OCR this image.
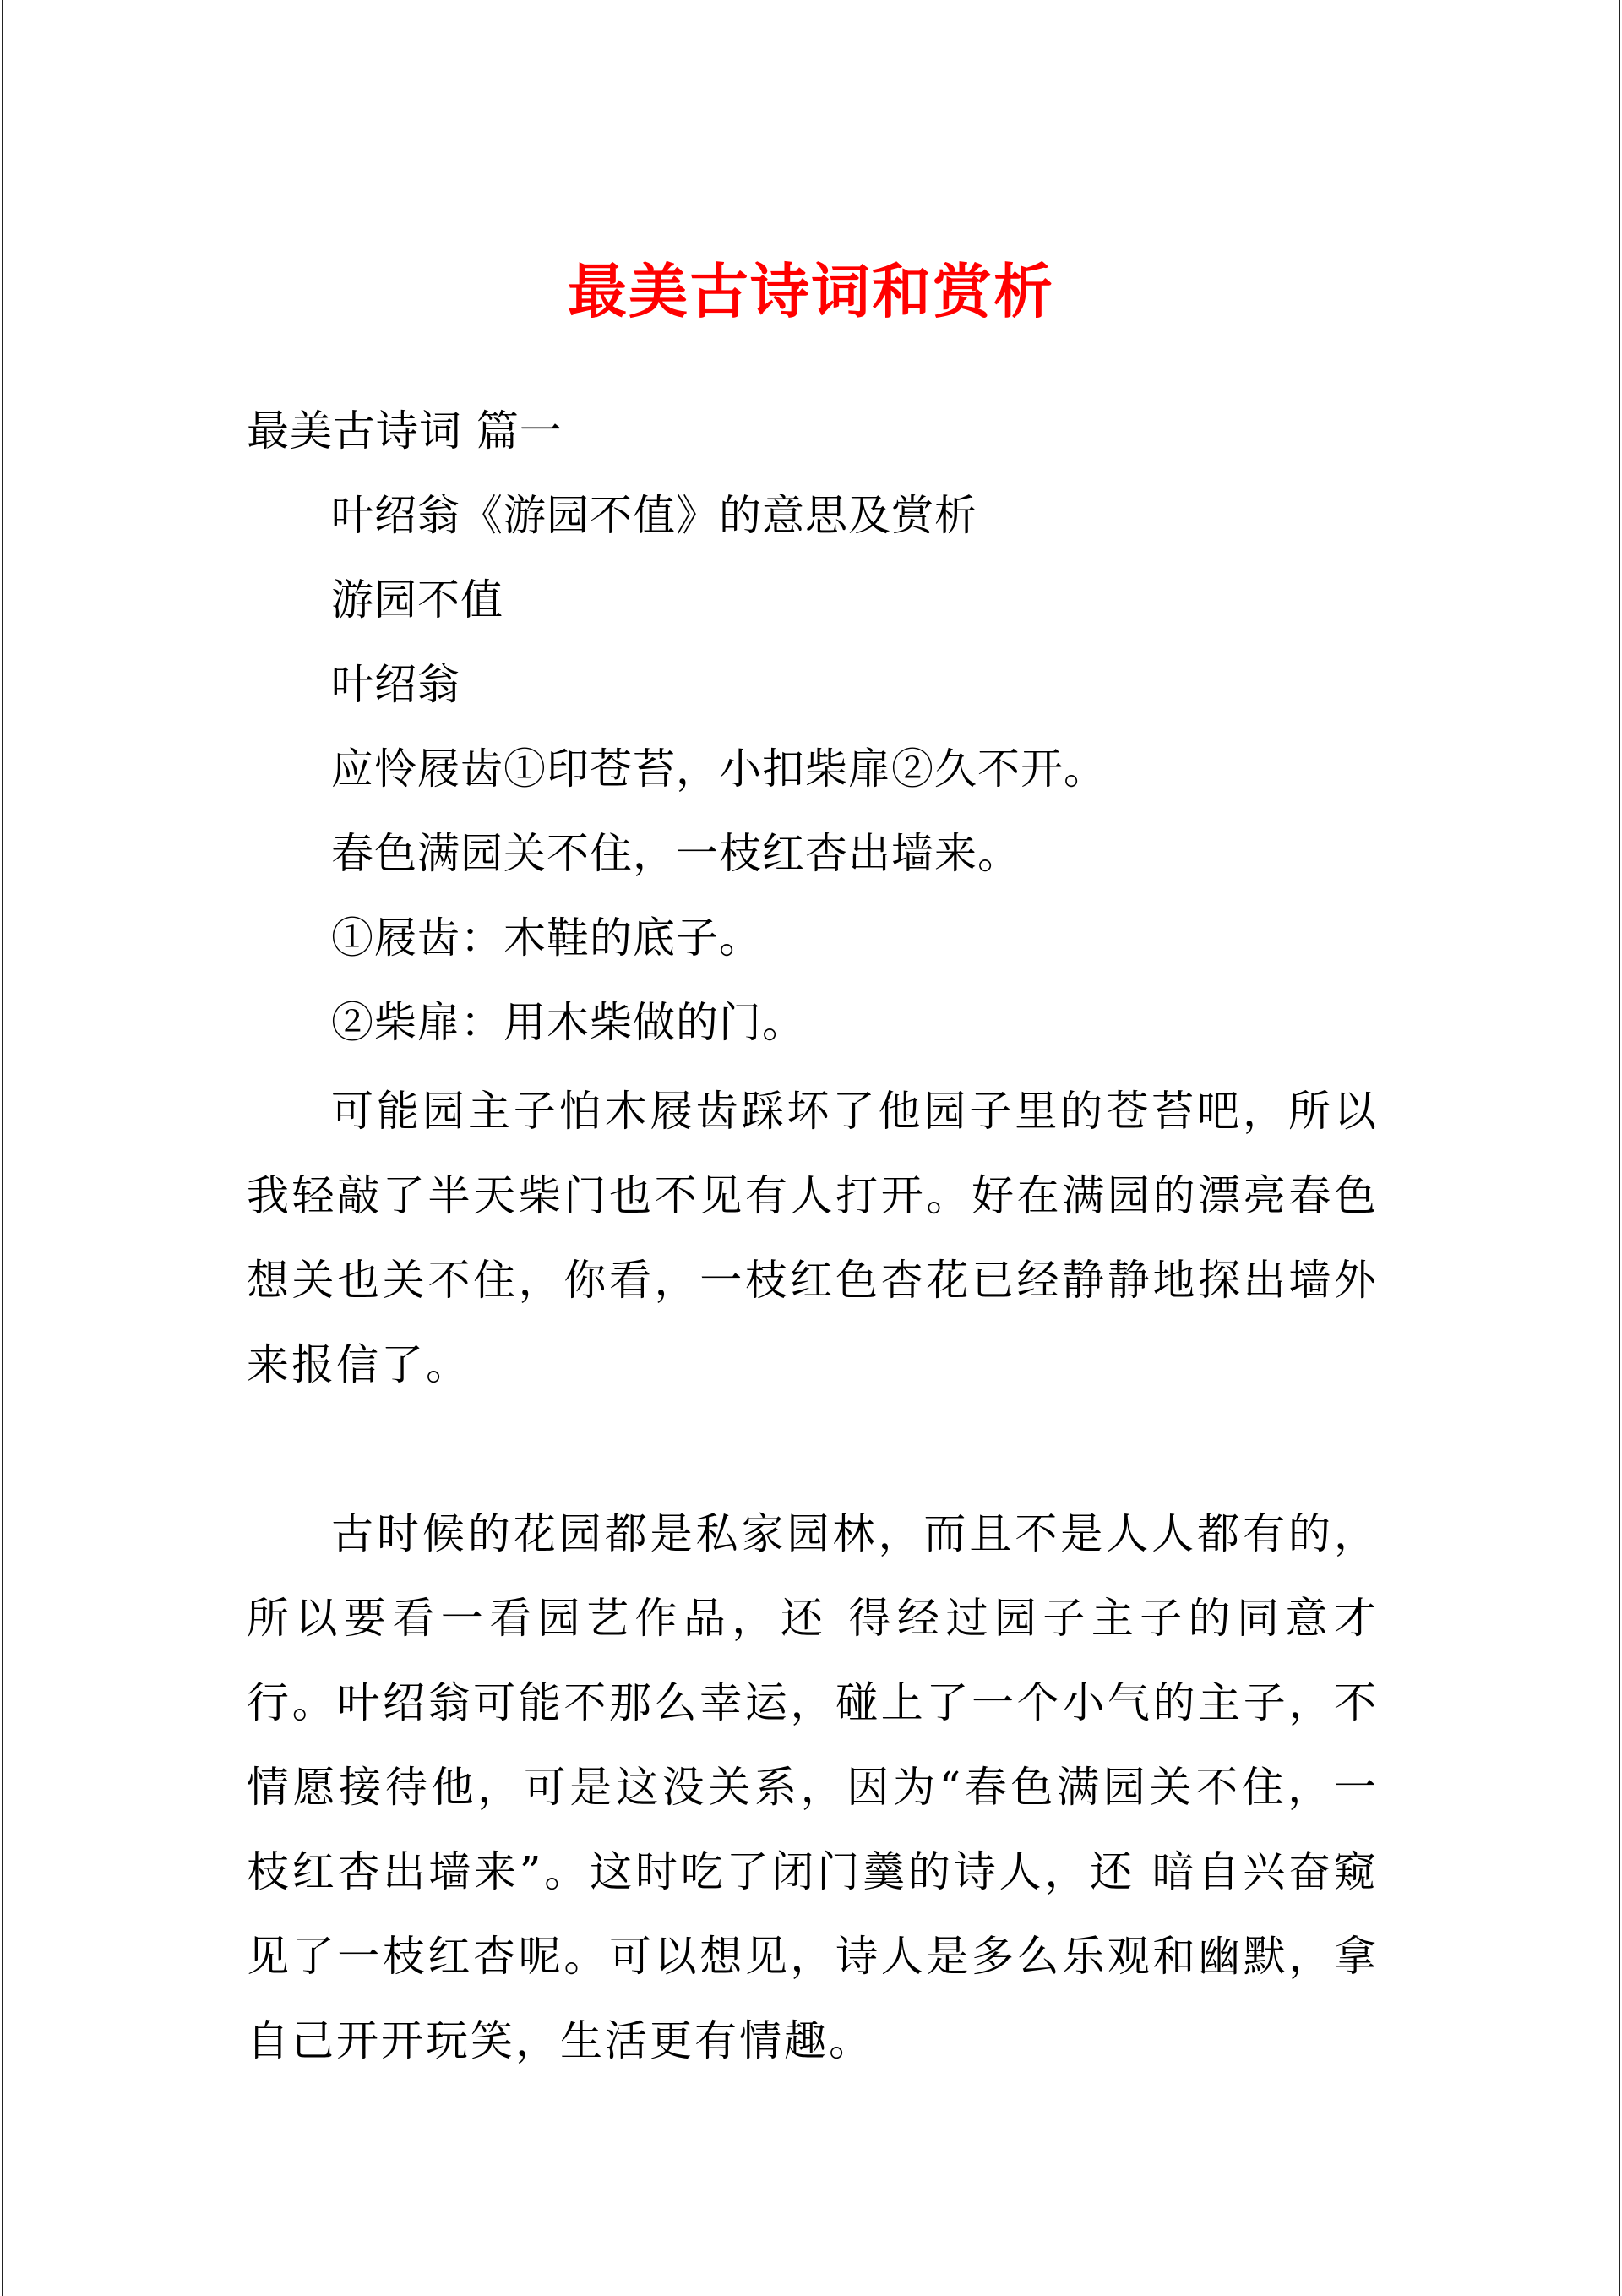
最美古诗词和赏析
最美古诗词 篇一
叶绍翁《游园不值》的意思及赏析
游园不值
叶绍翁
应怜屐齿①印苍苔，小扣柴扉②久不开。
春色满园关不住，一枝红杏出墙来。
①屐齿：木鞋的底子。
②柴扉：用木柴做的门。

可能园主子怕木屐齿踩坏了他园子里的苍苔吧，所以我轻敲了半天柴门也不见有人打开。好在满园的漂亮春色想关也关不住，你看，一枝红色杏花已经静静地探出墙外来报信了。

古时候的花园都是私家园林，而且不是人人都有的，所以要看一看园艺作品，还 得经过园子主子的同意才行。叶绍翁可能不那么幸运，碰上了一个小气的主子，不情愿接待他，可是这没关系，因为“春色满园关不住，一枝红杏出墙来”。这时吃了闭门羹的诗人，还 暗自兴奋窥见了一枝红杏呢。可以想见，诗人是多么乐观和幽默，拿自己开开玩笑，生活更有情趣。
